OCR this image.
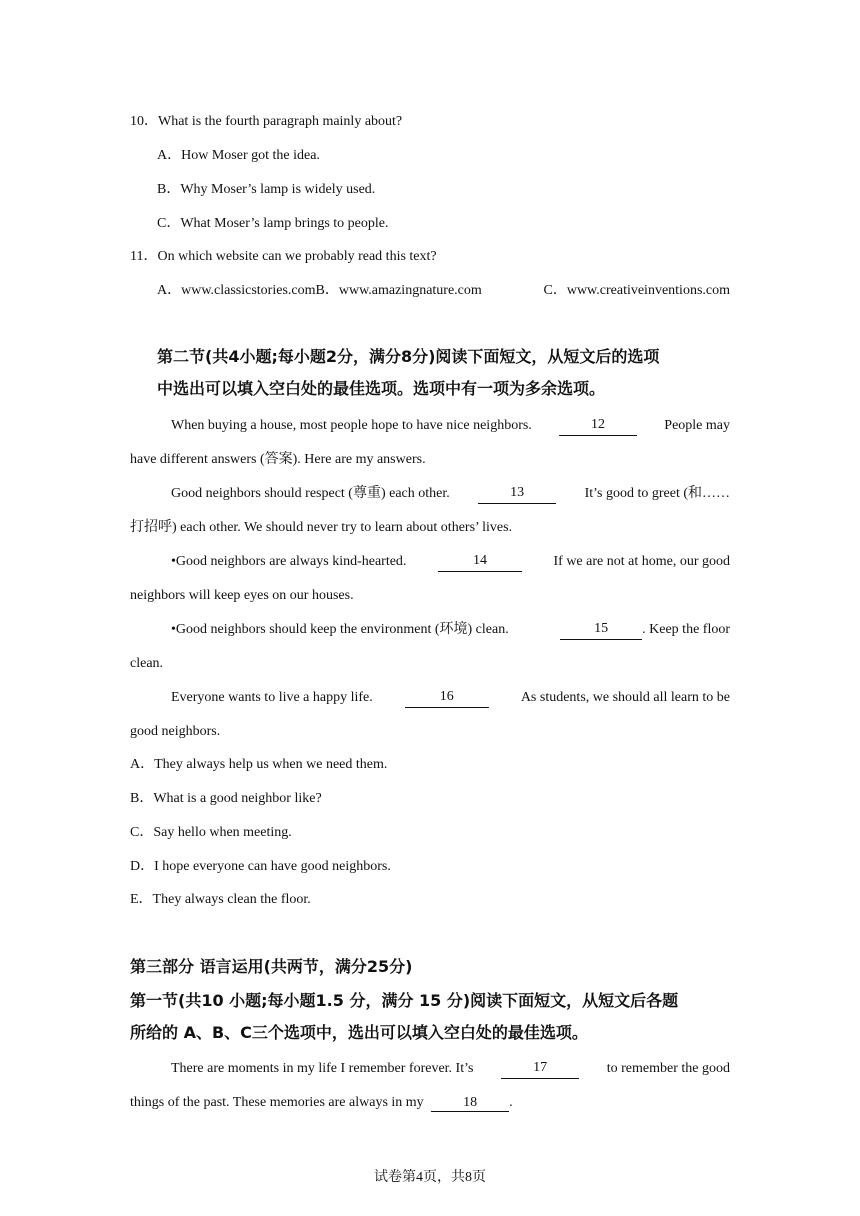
10．What is the fourth paragraph mainly about?
A．How Moser got the idea.
B．Why Moser’s lamp is widely used.
C．What Moser’s lamp brings to people.
11．On which website can we probably read this text?
A．www.classicstories.comB．www.amazingnature.com	C．www.creativeinventions.com
第二节(共4小题;每小题2分，满分8分)阅读下面短文，从短文后的选项
中选出可以填入空白处的最佳选项。选项中有一项为多余选项。
When buying a house, most people hope to have nice neighbors.	12	People may
have different answers (答案). Here are my answers.
Good neighbors should respect (尊重) each other.	13	It’s good to greet (和……
打招呼) each other. We should never try to learn about others’ lives.
•Good neighbors are always kind-hearted.	14	If we are not at home, our good
neighbors will keep eyes on our houses.
•Good neighbors should keep the environment (环境) clean.	15	. Keep the floor
clean.
Everyone wants to live a happy life.	16	As students, we should all learn to be
good neighbors.
A．They always help us when we need them.
B．What is a good neighbor like?
C．Say hello when meeting.
D．I hope everyone can have good neighbors.
E．They always clean the floor.
第三部分 语言运用(共两节，满分25分)
第一节(共10 小题;每小题1.5 分，满分 15 分)阅读下面短文，从短文后各题
所给的 A、B、C三个选项中，选出可以填入空白处的最佳选项。
There are moments in my life I remember forever. It’s	17	to remember the good
things of the past. These memories are always in my	18 .
试卷第4页，共8页
